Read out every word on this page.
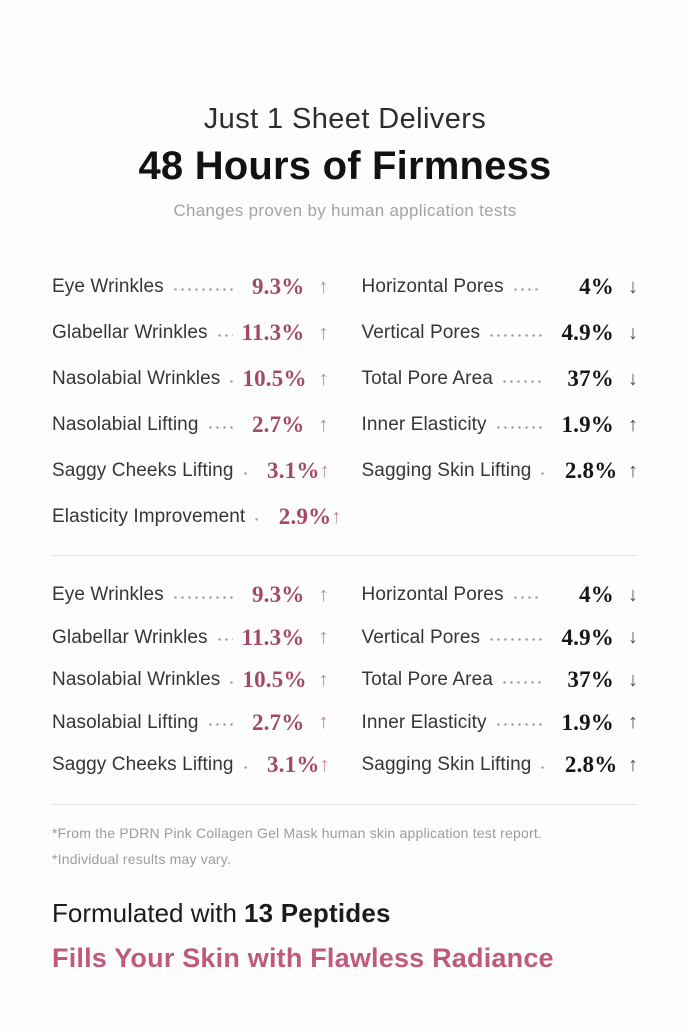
Just 1 Sheet Delivers
48 Hours of Firmness
Changes proven by human application tests
Eye Wrinkles	9.3% ↑
Glabellar Wrinkles 11.3% ↑
Nasolabial Wrinkles 10.5% ↑
Nasolabial Lifting	2.7% ↑
Saggy Cheeks Lifting	3.1% ↑
Elasticity Improvement	2.9% ↑
Horizontal Pores	4% ↓
Vertical Pores	4.9% ↓
Total Pore Area	37% ↓
Inner Elasticity	1.9% ↑
Sagging Skin Lifting	2.8% ↑
Eye Wrinkles	9.3% ↑
Glabellar Wrinkles 11.3% ↑
Nasolabial Wrinkles 10.5% ↑
Nasolabial Lifting	2.7% ↑
Saggy Cheeks Lifting	3.1% ↑
Horizontal Pores	4% ↓
Vertical Pores	4.9% ↓
Total Pore Area	37% ↓
Inner Elasticity	1.9% ↑
Sagging Skin Lifting	2.8% ↑
*From the PDRN Pink Collagen Gel Mask human skin application test report.
*Individual results may vary.
Formulated with 13 Peptides
Fills Your Skin with Flawless Radiance
